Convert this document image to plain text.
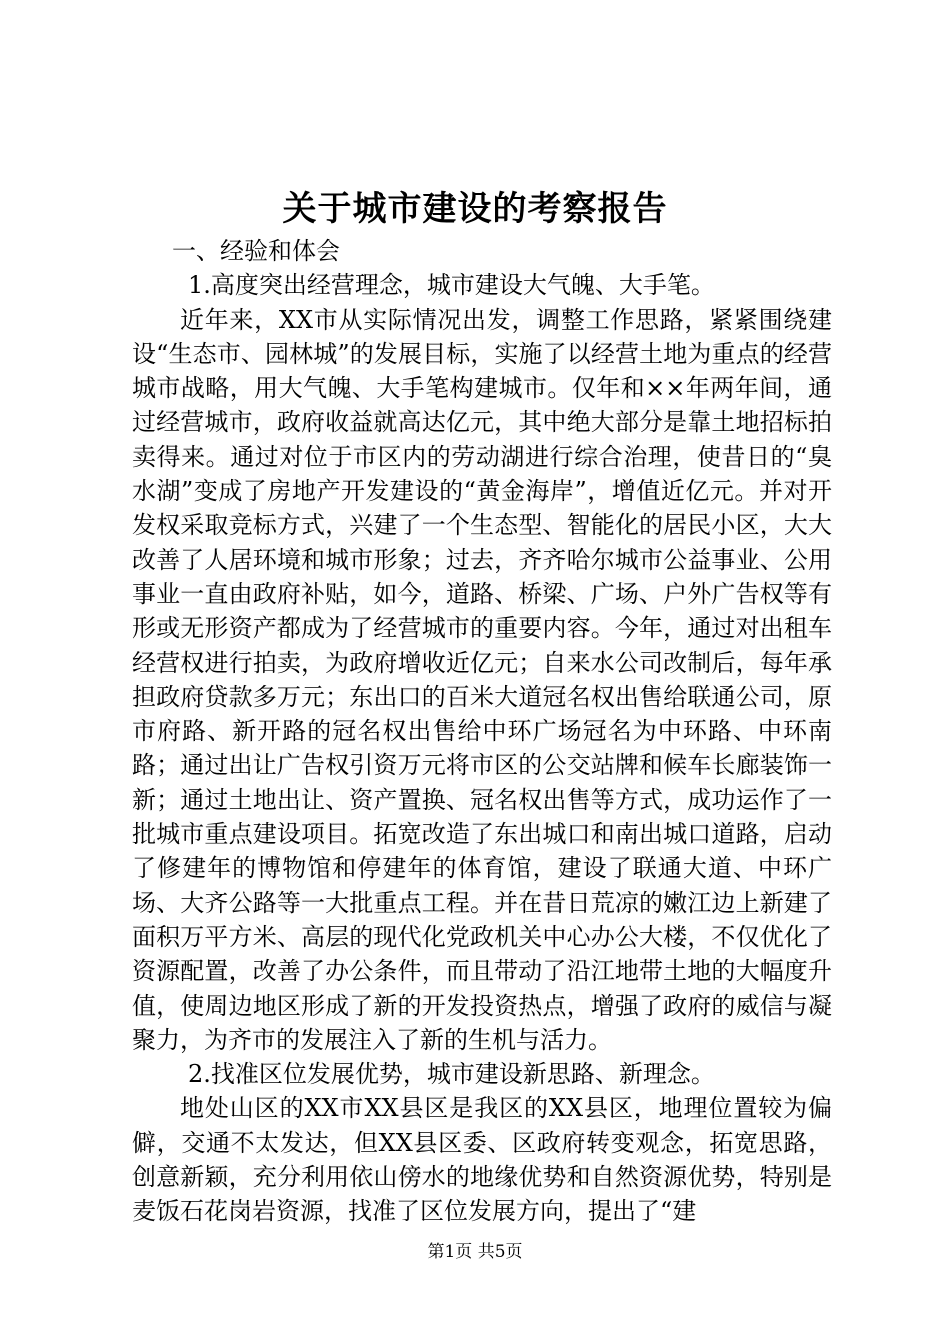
关于城市建设的考察报告

一、经验和体会

1.高度突出经营理念，城市建设大气魄、大手笔。

近年来，XX市从实际情况出发，调整工作思路，紧紧围绕建设“生态市、园林城”的发展目标，实施了以经营土地为重点的经营城市战略，用大气魄、大手笔构建城市。仅年和××年两年间，通过经营城市，政府收益就高达亿元，其中绝大部分是靠土地招标拍卖得来。通过对位于市区内的劳动湖进行综合治理，使昔日的“臭水湖”变成了房地产开发建设的“黄金海岸”，增值近亿元。并对开发权采取竞标方式，兴建了一个生态型、智能化的居民小区，大大改善了人居环境和城市形象；过去，齐齐哈尔城市公益事业、公用事业一直由政府补贴，如今，道路、桥梁、广场、户外广告权等有形或无形资产都成为了经营城市的重要内容。今年，通过对出租车经营权进行拍卖，为政府增收近亿元；自来水公司改制后，每年承担政府贷款多万元；东出口的百米大道冠名权出售给联通公司，原市府路、新开路的冠名权出售给中环广场冠名为中环路、中环南路；通过出让广告权引资万元将市区的公交站牌和候车长廊装饰一新；通过土地出让、资产置换、冠名权出售等方式，成功运作了一批城市重点建设项目。拓宽改造了东出城口和南出城口道路，启动了修建年的博物馆和停建年的体育馆，建设了联通大道、中环广场、大齐公路等一大批重点工程。并在昔日荒凉的嫩江边上新建了面积万平方米、高层的现代化党政机关中心办公大楼，不仅优化了资源配置，改善了办公条件，而且带动了沿江地带土地的大幅度升值，使周边地区形成了新的开发投资热点，增强了政府的威信与凝聚力，为齐市的发展注入了新的生机与活力。

2.找准区位发展优势，城市建设新思路、新理念。

地处山区的XX市XX县区是我区的XX县区，地理位置较为偏僻，交通不太发达，但XX县区委、区政府转变观念，拓宽思路，创意新颖，充分利用依山傍水的地缘优势和自然资源优势，特别是麦饭石花岗岩资源，找准了区位发展方向，提出了“建

第1页 共5页
